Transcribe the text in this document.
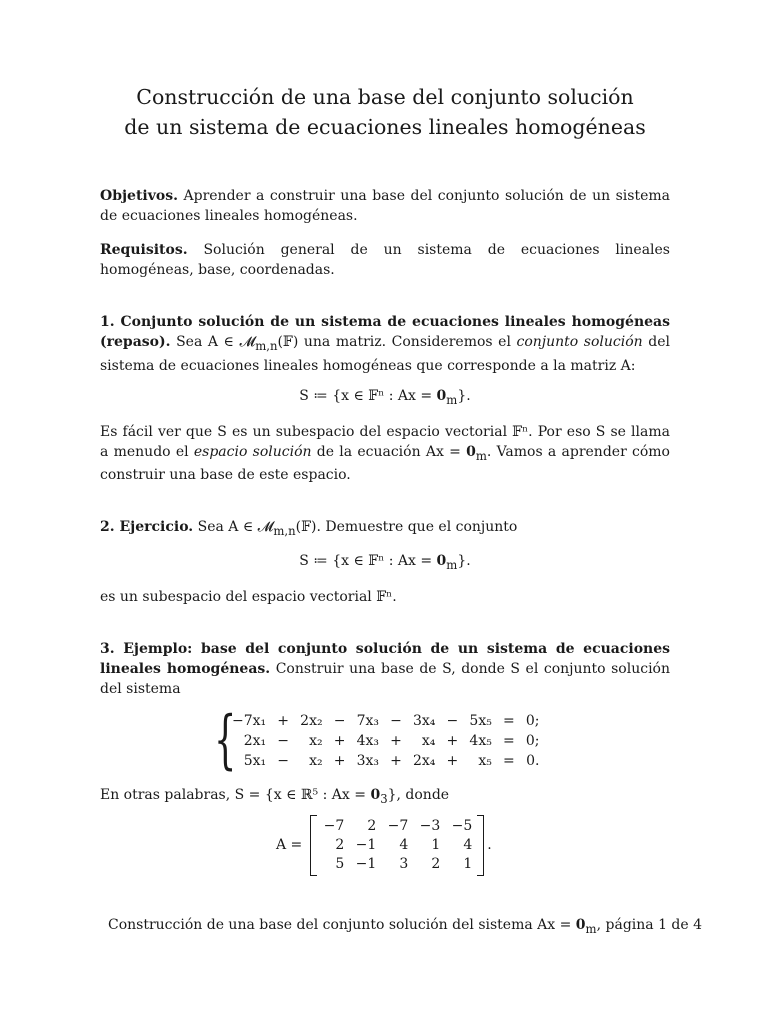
Construcción de una base del conjunto solución
de un sistema de ecuaciones lineales homogéneas

Objetivos. Aprender a construir una base del conjunto solución de un sistema de ecuaciones lineales homogéneas.

Requisitos. Solución general de un sistema de ecuaciones lineales homogéneas, base, coordenadas.

1. Conjunto solución de un sistema de ecuaciones lineales homogéneas (repaso). Sea A ∈ 𝓜$_{m,n}$(𝔽) una matriz. Consideremos el conjunto solución del sistema de ecuaciones lineales homogéneas que corresponde a la matriz A:

S ≔ {x ∈ 𝔽ⁿ : $Ax = 0_m$}.

Es fácil ver que S es un subespacio del espacio vectorial 𝔽ⁿ. Por eso S se llama a menudo el espacio solución de la ecuación $Ax = 0_m$. Vamos a aprender cómo construir una base de este espacio.

2. Ejercicio. Sea A ∈ 𝓜$_{m,n}$(𝔽). Demuestre que el conjunto

S ≔ {x ∈ 𝔽ⁿ : $Ax = 0_m$}.

es un subespacio del espacio vectorial 𝔽ⁿ.

3. Ejemplo: base del conjunto solución de un sistema de ecuaciones lineales homogéneas. Construir una base de S, donde S el conjunto solución del sistema

{
−7x₁	+	2x₂	−	7x₃	−	3x₄	−	5x₅	=	0;
2x₁	−	x₂	+	4x₃	+	x₄	+	4x₅	=	0;
5x₁	−	x₂	+	3x₃	+	2x₄	+	x₅	=	0.

En otras palabras, S = {x ∈ ℝ⁵ : $Ax = 0_3$}, donde

A =
−7	2	−7	−3	−5
2	−1	4	1	4
5	−1	3	2	1
.
Construcción de una base del conjunto solución del sistema $Ax = 0_m$, página 1 de 4
